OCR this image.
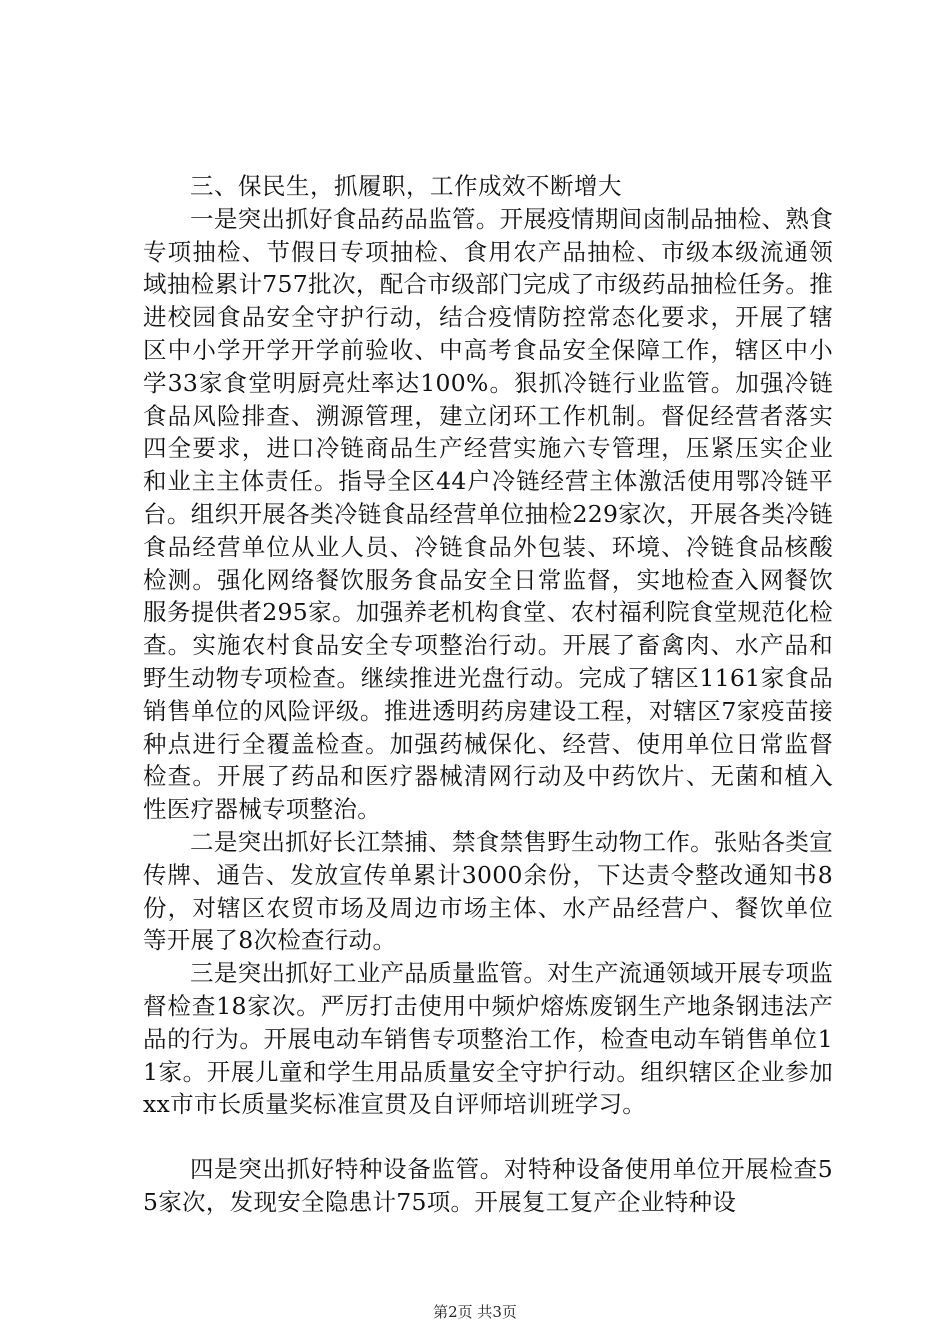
三、保民生，抓履职，工作成效不断增大

一是突出抓好食品药品监管。开展疫情期间卤制品抽检、熟食专项抽检、节假日专项抽检、食用农产品抽检、市级本级流通领域抽检累计757批次，配合市级部门完成了市级药品抽检任务。推进校园食品安全守护行动，结合疫情防控常态化要求，开展了辖区中小学开学开学前验收、中高考食品安全保障工作，辖区中小学33家食堂明厨亮灶率达100%。狠抓冷链行业监管。加强冷链食品风险排查、溯源管理，建立闭环工作机制。督促经营者落实四全要求，进口冷链商品生产经营实施六专管理，压紧压实企业和业主主体责任。指导全区44户冷链经营主体激活使用鄂冷链平台。组织开展各类冷链食品经营单位抽检229家次，开展各类冷链食品经营单位从业人员、冷链食品外包装、环境、冷链食品核酸检测。强化网络餐饮服务食品安全日常监督，实地检查入网餐饮服务提供者295家。加强养老机构食堂、农村福利院食堂规范化检查。实施农村食品安全专项整治行动。开展了畜禽肉、水产品和野生动物专项检查。继续推进光盘行动。完成了辖区1161家食品销售单位的风险评级。推进透明药房建设工程，对辖区7家疫苗接种点进行全覆盖检查。加强药械保化、经营、使用单位日常监督检查。开展了药品和医疗器械清网行动及中药饮片、无菌和植入性医疗器械专项整治。

二是突出抓好长江禁捕、禁食禁售野生动物工作。张贴各类宣传牌、通告、发放宣传单累计3000余份，下达责令整改通知书8份，对辖区农贸市场及周边市场主体、水产品经营户、餐饮单位等开展了8次检查行动。

三是突出抓好工业产品质量监管。对生产流通领域开展专项监督检查18家次。严厉打击使用中频炉熔炼废钢生产地条钢违法产品的行为。开展电动车销售专项整治工作，检查电动车销售单位11家。开展儿童和学生用品质量安全守护行动。组织辖区企业参加xx市市长质量奖标准宣贯及自评师培训班学习。

四是突出抓好特种设备监管。对特种设备使用单位开展检查55家次，发现安全隐患计75项。开展复工复产企业特种设

第2页 共3页
